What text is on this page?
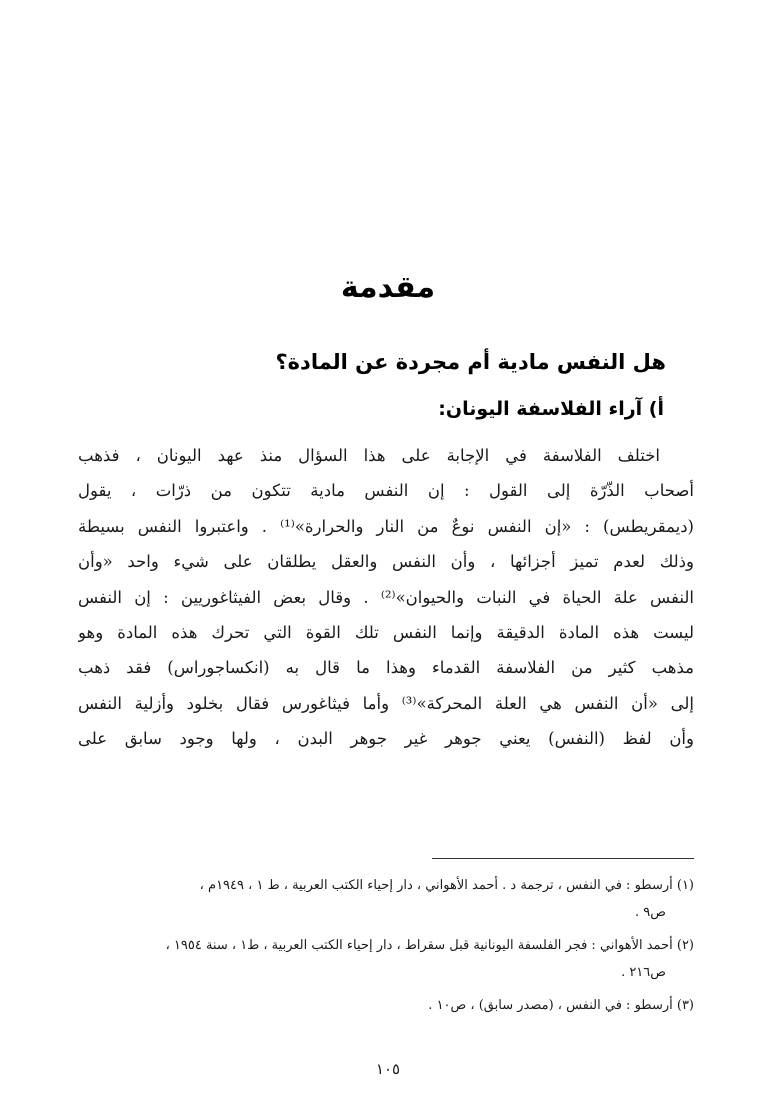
مقدمة
هل النفس مادية أم مجردة عن المادة؟
أ) آراء الفلاسفة اليونان:
اختلف الفلاسفة في الإجابة على هذا السؤال منذ عهد اليونان ، فذهب
أصحاب الذّرّة إلى القول : إن النفس مادية تتكون من ذرّات ، يقول
(ديمقريطس) : «إن النفس نوعٌ من النار والحرارة»⁽¹⁾ . واعتبروا النفس بسيطة
وذلك لعدم تميز أجزائها ، وأن النفس والعقل يطلقان على شيء واحد «وأن
النفس علة الحياة في النبات والحيوان»⁽²⁾ . وقال بعض الفيثاغوريين : إن النفس
ليست هذه المادة الدقيقة وإنما النفس تلك القوة التي تحرك هذه المادة وهو
مذهب كثير من الفلاسفة القدماء وهذا ما قال به (انكساجوراس) فقد ذهب
إلى «أن النفس هي العلة المحركة»⁽³⁾ وأما فيثاغورس فقال بخلود وأزلية النفس
وأن لفظ (النفس) يعني جوهر غير جوهر البدن ، ولها وجود سابق على
(١) أرسطو : في النفس ، ترجمة د . أحمد الأهواني ، دار إحياء الكتب العربية ، ط ١ ، ١٩٤٩م ،
ص٩ .
(٢) أحمد الأهواني : فجر الفلسفة اليونانية قبل سقراط ، دار إحياء الكتب العربية ، ط١ ، سنة ١٩٥٤ ،
ص٢١٦ .
(٣) أرسطو : في النفس ، (مصدر سابق) ، ص١٠ .
١٠٥
